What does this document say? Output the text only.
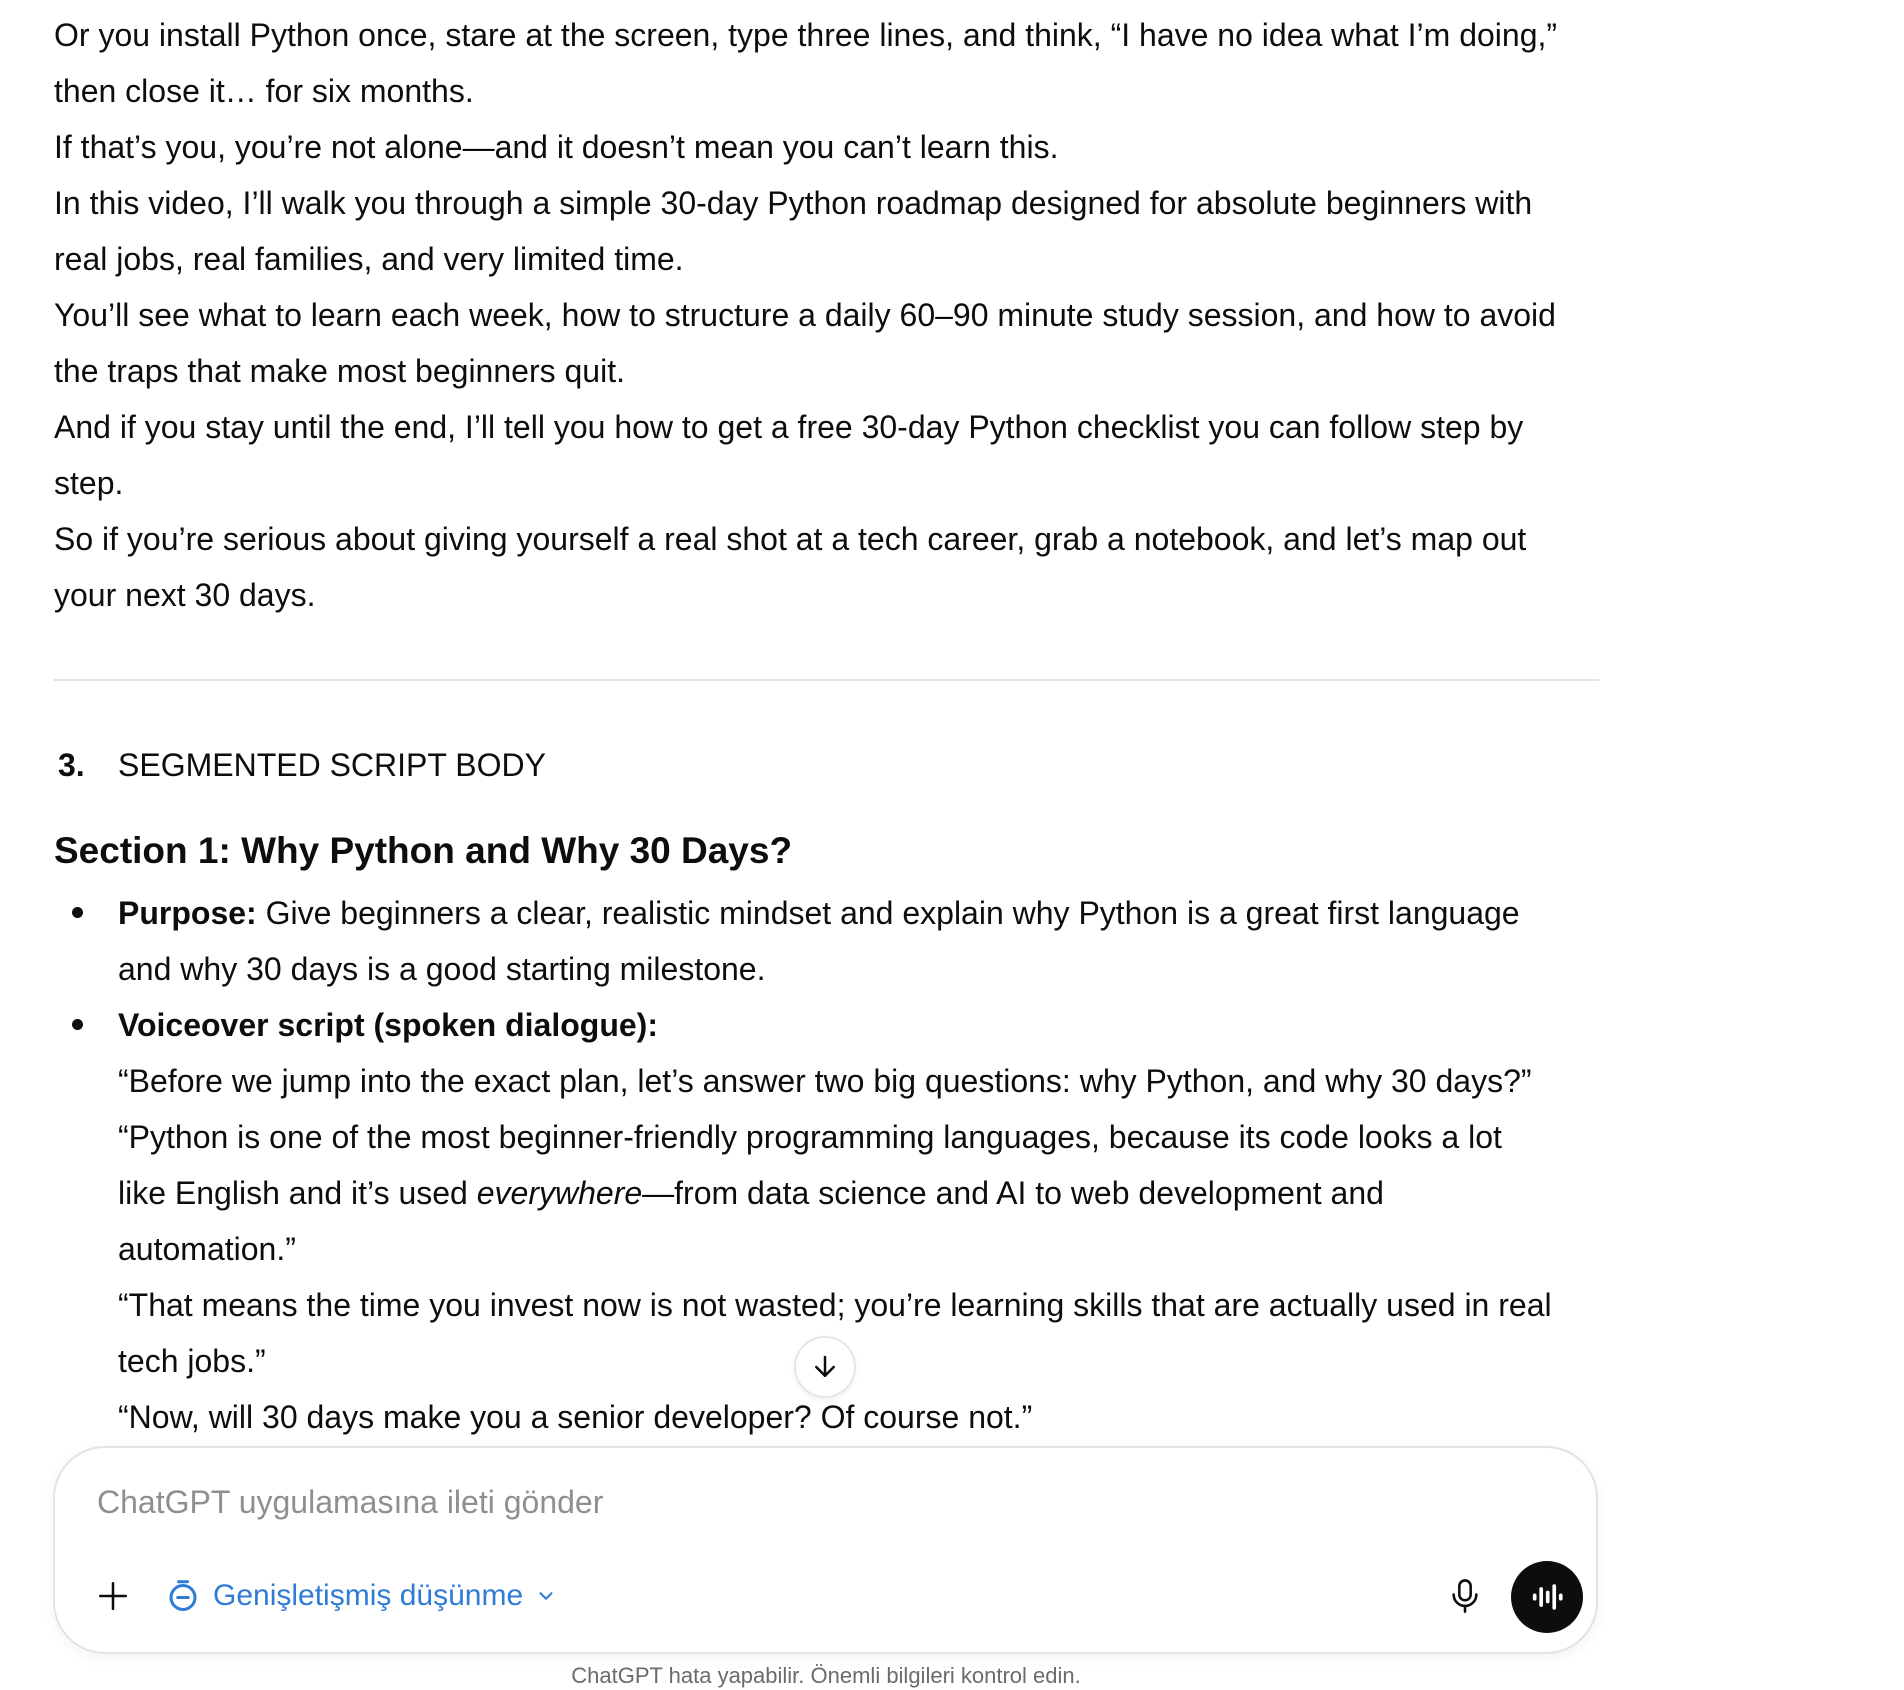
Or you install Python once, stare at the screen, type three lines, and think, “I have no idea what I’m doing,”
then close it… for six months.

If that’s you, you’re not alone—and it doesn’t mean you can’t learn this.

In this video, I’ll walk you through a simple 30-day Python roadmap designed for absolute beginners with
real jobs, real families, and very limited time.

You’ll see what to learn each week, how to structure a daily 60–90 minute study session, and how to avoid
the traps that make most beginners quit.

And if you stay until the end, I’ll tell you how to get a free 30-day Python checklist you can follow step by
step.

So if you’re serious about giving yourself a real shot at a tech career, grab a notebook, and let’s map out
your next 30 days.

3.	SEGMENTED SCRIPT BODY
Section 1: Why Python and Why 30 Days?
Purpose: Give beginners a clear, realistic mindset and explain why Python is a great first language
and why 30 days is a good starting milestone.
Voiceover script (spoken dialogue):
“Before we jump into the exact plan, let’s answer two big questions: why Python, and why 30 days?”
“Python is one of the most beginner-friendly programming languages, because its code looks a lot
like English and it’s used everywhere—from data science and AI to web development and
automation.”
“That means the time you invest now is not wasted; you’re learning skills that are actually used in real
tech jobs.”
“Now, will 30 days make you a senior developer? Of course not.”
ChatGPT uygulamasına ileti gönder
Genişletişmiş düşünme
ChatGPT hata yapabilir. Önemli bilgileri kontrol edin.
